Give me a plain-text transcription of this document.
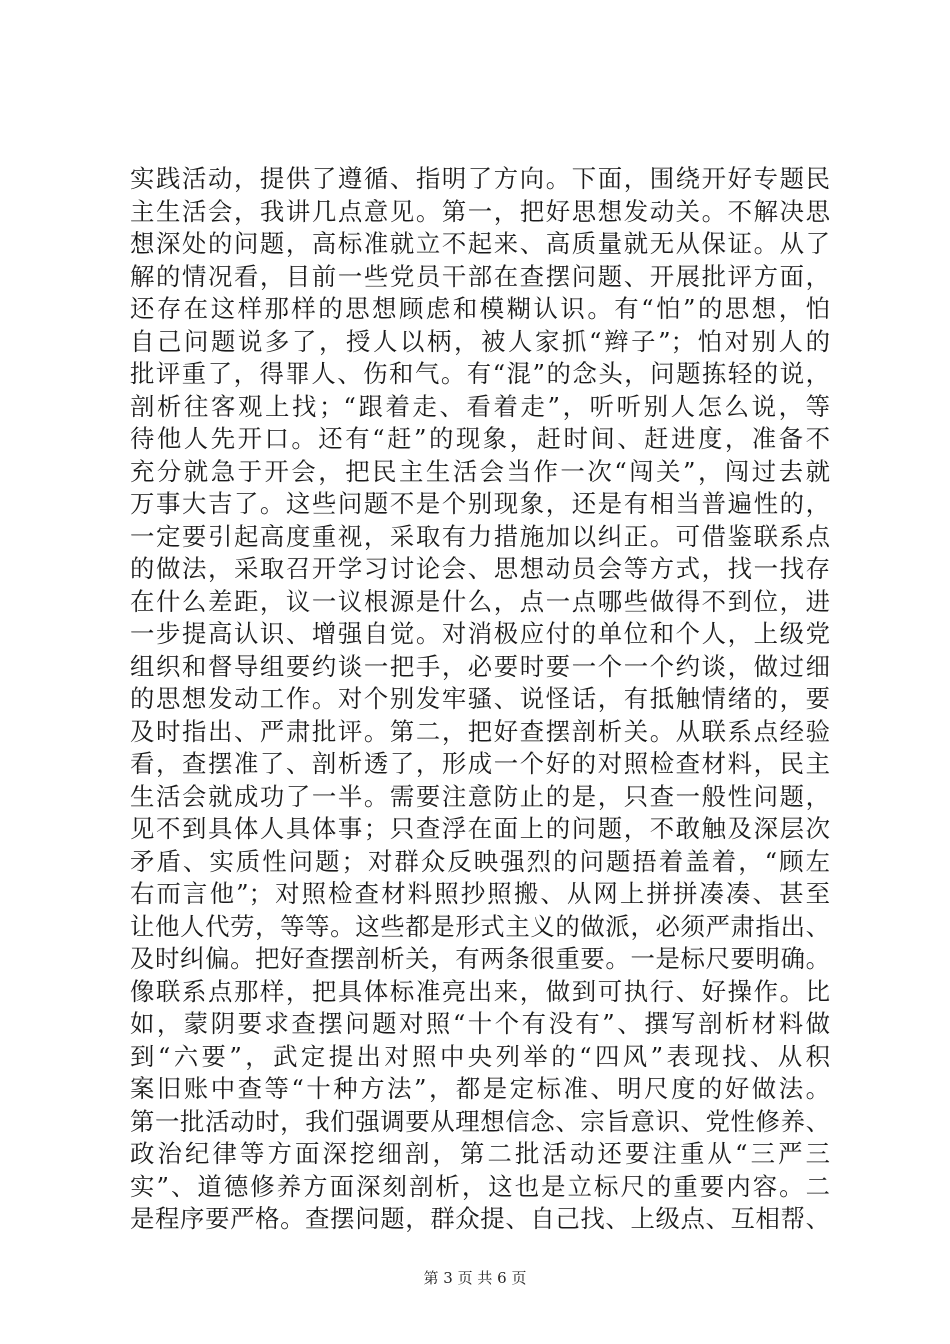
实践活动，提供了遵循、指明了方向。下面，围绕开好专题民
主生活会，我讲几点意见。第一，把好思想发动关。不解决思
想深处的问题，高标准就立不起来、高质量就无从保证。从了
解的情况看，目前一些党员干部在查摆问题、开展批评方面，
还存在这样那样的思想顾虑和模糊认识。有“怕”的思想，怕
自己问题说多了，授人以柄，被人家抓“辫子”；怕对别人的
批评重了，得罪人、伤和气。有“混”的念头，问题拣轻的说，
剖析往客观上找；“跟着走、看着走”，听听别人怎么说，等
待他人先开口。还有“赶”的现象，赶时间、赶进度，准备不
充分就急于开会，把民主生活会当作一次“闯关”，闯过去就
万事大吉了。这些问题不是个别现象，还是有相当普遍性的，
一定要引起高度重视，采取有力措施加以纠正。可借鉴联系点
的做法，采取召开学习讨论会、思想动员会等方式，找一找存
在什么差距，议一议根源是什么，点一点哪些做得不到位，进
一步提高认识、增强自觉。对消极应付的单位和个人，上级党
组织和督导组要约谈一把手，必要时要一个一个约谈，做过细
的思想发动工作。对个别发牢骚、说怪话，有抵触情绪的，要
及时指出、严肃批评。第二，把好查摆剖析关。从联系点经验
看，查摆准了、剖析透了，形成一个好的对照检查材料，民主
生活会就成功了一半。需要注意防止的是，只查一般性问题，
见不到具体人具体事；只查浮在面上的问题，不敢触及深层次
矛盾、实质性问题；对群众反映强烈的问题捂着盖着，“顾左
右而言他”；对照检查材料照抄照搬、从网上拼拼凑凑、甚至
让他人代劳，等等。这些都是形式主义的做派，必须严肃指出、
及时纠偏。把好查摆剖析关，有两条很重要。一是标尺要明确。
像联系点那样，把具体标准亮出来，做到可执行、好操作。比
如，蒙阴要求查摆问题对照“十个有没有”、撰写剖析材料做
到“六要”，武定提出对照中央列举的“四风”表现找、从积
案旧账中查等“十种方法”，都是定标准、明尺度的好做法。
第一批活动时，我们强调要从理想信念、宗旨意识、党性修养、
政治纪律等方面深挖细剖，第二批活动还要注重从“三严三
实”、道德修养方面深刻剖析，这也是立标尺的重要内容。二
是程序要严格。查摆问题，群众提、自己找、上级点、互相帮、
第 3 页 共 6 页
